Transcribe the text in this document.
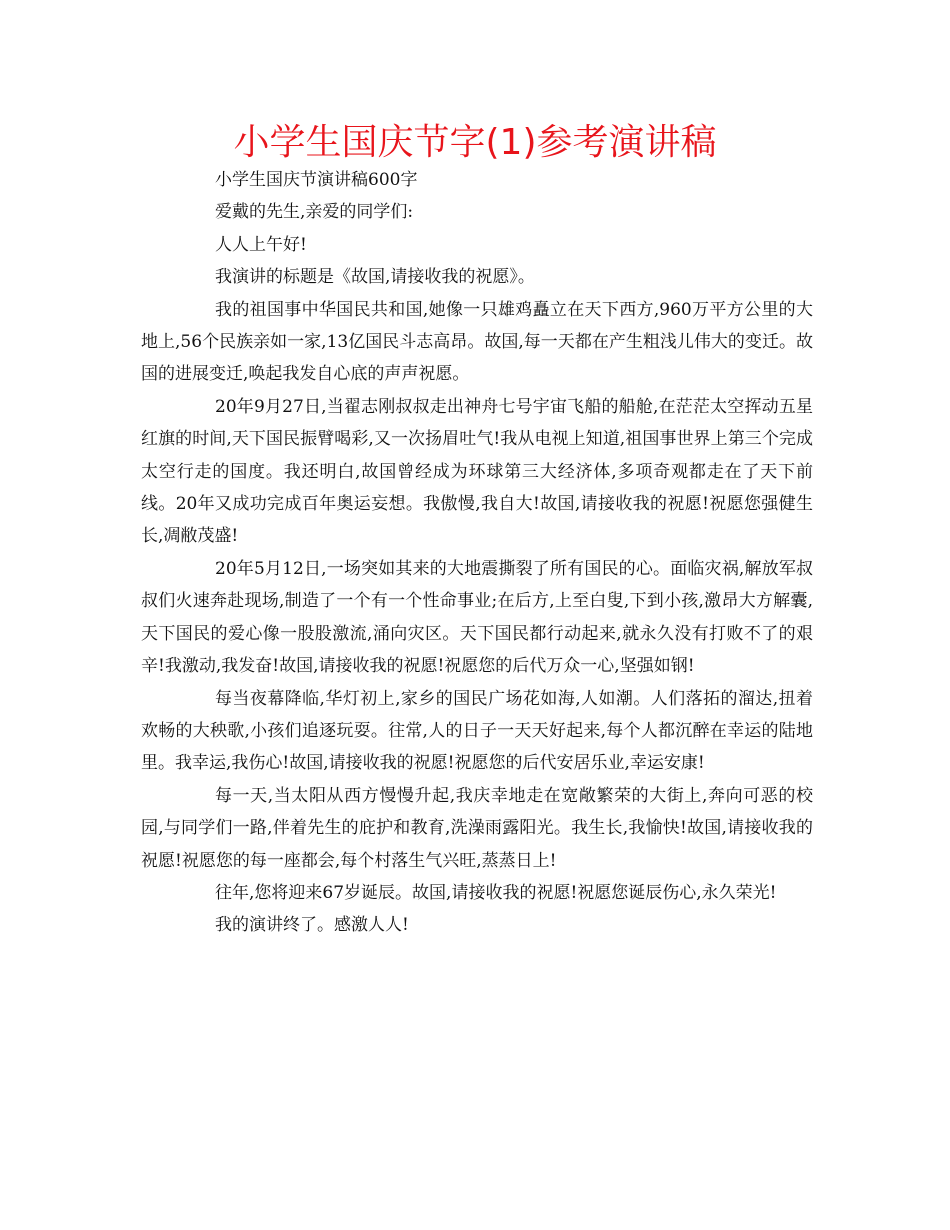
小学生国庆节字(1)参考演讲稿

小学生国庆节演讲稿600字

爱戴的先生,亲爱的同学们:

人人上午好!

我演讲的标题是《故国,请接收我的祝愿》。

我的祖国事中华国民共和国,她像一只雄鸡矗立在天下西方,960万平方公里的大地上,56个民族亲如一家,13亿国民斗志高昂。故国,每一天都在产生粗浅儿伟大的变迁。故国的进展变迁,唤起我发自心底的声声祝愿。

20年9月27日,当翟志刚叔叔走出神舟七号宇宙飞船的船舱,在茫茫太空挥动五星红旗的时间,天下国民振臂喝彩,又一次扬眉吐气!我从电视上知道,祖国事世界上第三个完成太空行走的国度。我还明白,故国曾经成为环球第三大经济体,多项奇观都走在了天下前线。20年又成功完成百年奥运妄想。我傲慢,我自大!故国,请接收我的祝愿!祝愿您强健生长,凋敝茂盛!

20年5月12日,一场突如其来的大地震撕裂了所有国民的心。面临灾祸,解放军叔叔们火速奔赴现场,制造了一个有一个性命事业;在后方,上至白叟,下到小孩,激昂大方解囊,天下国民的爱心像一股股激流,涌向灾区。天下国民都行动起来,就永久没有打败不了的艰辛!我激动,我发奋!故国,请接收我的祝愿!祝愿您的后代万众一心,坚强如钢!

每当夜幕降临,华灯初上,家乡的国民广场花如海,人如潮。人们落拓的溜达,扭着欢畅的大秧歌,小孩们追逐玩耍。往常,人的日子一天天好起来,每个人都沉醉在幸运的陆地里。我幸运,我伤心!故国,请接收我的祝愿!祝愿您的后代安居乐业,幸运安康!

每一天,当太阳从西方慢慢升起,我庆幸地走在宽敞繁荣的大街上,奔向可恶的校园,与同学们一路,伴着先生的庇护和教育,洗澡雨露阳光。我生长,我愉快!故国,请接收我的祝愿!祝愿您的每一座都会,每个村落生气兴旺,蒸蒸日上!

往年,您将迎来67岁诞辰。故国,请接收我的祝愿!祝愿您诞辰伤心,永久荣光!

我的演讲终了。感激人人!
